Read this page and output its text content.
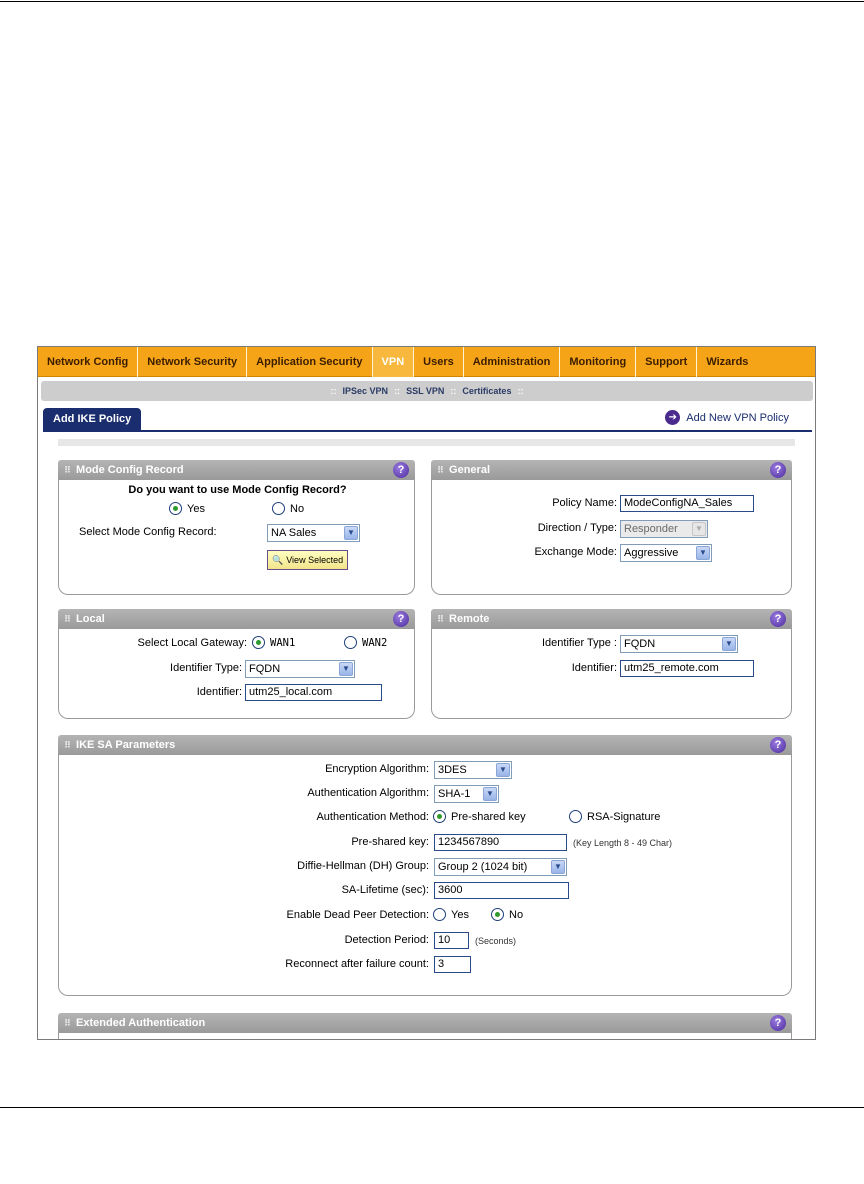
Network Config	Network Security	Application Security	VPN	Users	Administration	Monitoring	Support	Wizards
:: IPSec VPN :: SSL VPN :: Certificates ::
Add IKE Policy	➔ Add New VPN Policy
⠿ Mode Config Record	?
Do you want to use Mode Config Record?
Yes	No
Select Mode Config Record:	NA Sales	▼
🔍 View Selected
⠿ General	?
Policy Name: ModeConfigNA_Sales
Direction / Type: Responder	▼
Exchange Mode: Aggressive	▼
⠿ Local	?
Select Local Gateway: WAN1	WAN2
Identifier Type: FQDN	▼
Identifier: utm25_local.com
⠿ Remote	?
Identifier Type : FQDN	▼
Identifier: utm25_remote.com
⠿ IKE SA Parameters	?
Encryption Algorithm: 3DES	▼
Authentication Algorithm: SHA-1	▼
Authentication Method: Pre-shared key	RSA-Signature
Pre-shared key: 1234567890	(Key Length 8 - 49 Char)
Diffie-Hellman (DH) Group: Group 2 (1024 bit)	▼
SA-Lifetime (sec): 3600
Enable Dead Peer Detection: Yes	No
Detection Period: 10	(Seconds)
Reconnect after failure count: 3
⠿ Extended Authentication	?
